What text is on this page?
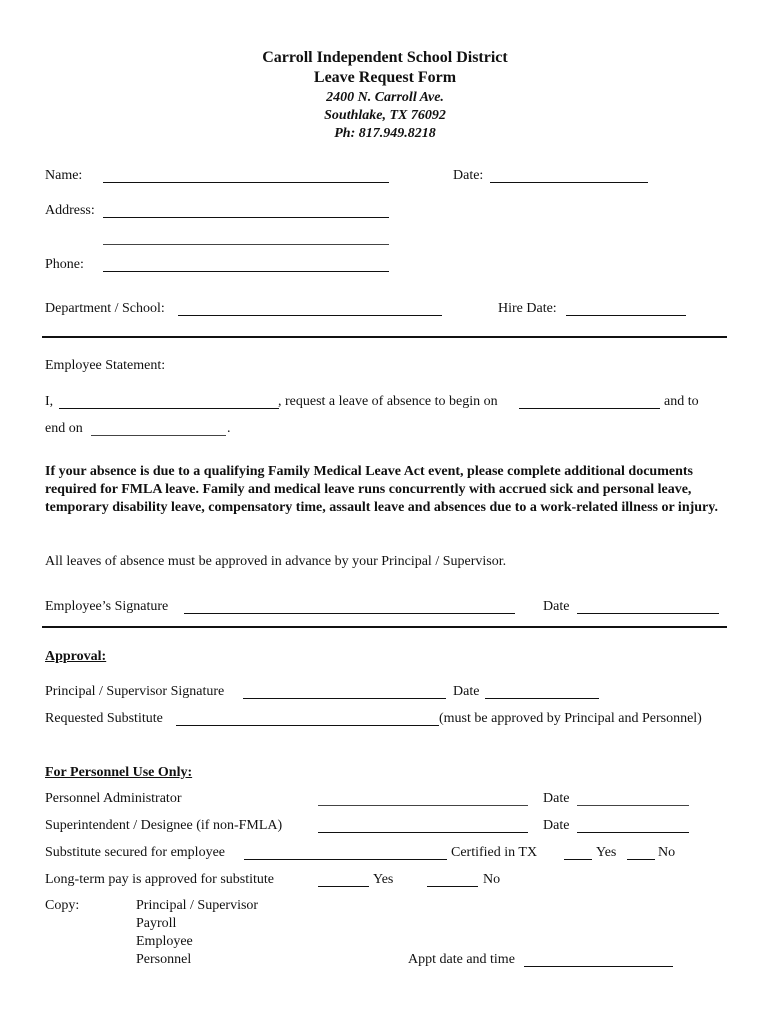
Carroll Independent School District
Leave Request Form
2400 N. Carroll Ave.
Southlake, TX 76092
Ph: 817.949.8218
Name:	Date:
Address:
Phone:
Department / School:	Hire Date:
Employee Statement:
I,	, request a leave of absence to begin on	and to
end on	.
If your absence is due to a qualifying Family Medical Leave Act event, please complete additional documents required for FMLA leave. Family and medical leave runs concurrently with accrued sick and personal leave, temporary disability leave, compensatory time, assault leave and absences due to a work-related illness or injury.
All leaves of absence must be approved in advance by your Principal / Supervisor.
Employee’s Signature	Date
Approval:
Principal / Supervisor Signature	Date
Requested Substitute	(must be approved by Principal and Personnel)
For Personnel Use Only:
Personnel Administrator	Date
Superintendent / Designee (if non-FMLA)	Date
Substitute secured for employee	Certified in TX	Yes	No
Long-term pay is approved for substitute	Yes	No
Copy:	Principal / Supervisor
Payroll
Employee
Personnel	Appt date and time
